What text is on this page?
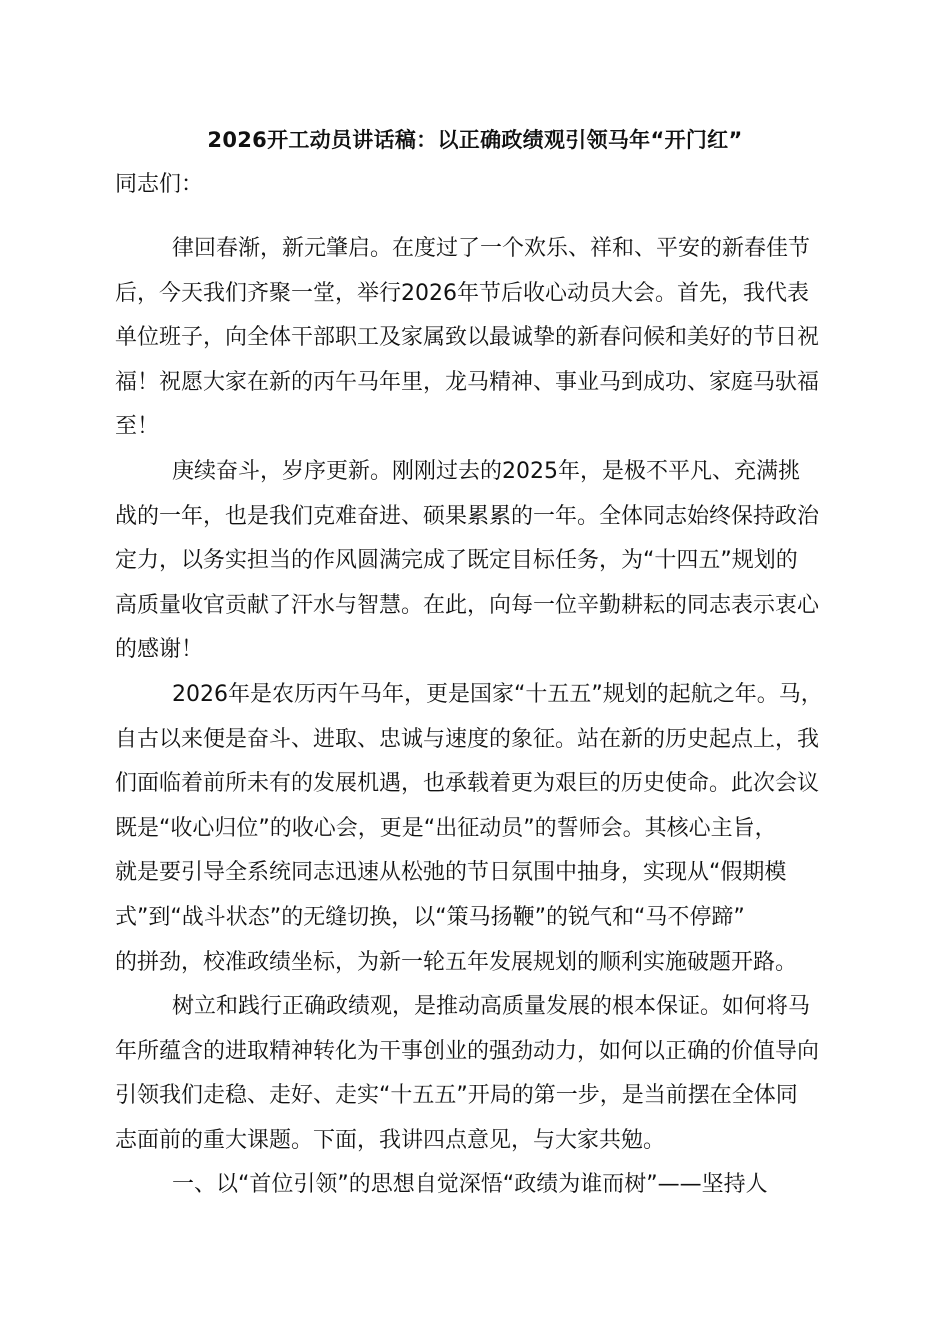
2026开工动员讲话稿：以正确政绩观引领马年“开门红”
同志们：
律回春渐，新元肇启。在度过了一个欢乐、祥和、平安的新春佳节
后，今天我们齐聚一堂，举行2026年节后收心动员大会。首先，我代表
单位班子，向全体干部职工及家属致以最诚挚的新春问候和美好的节日祝
福！祝愿大家在新的丙午马年里，龙马精神、事业马到成功、家庭马驮福
至！
庚续奋斗，岁序更新。刚刚过去的2025年，是极不平凡、充满挑
战的一年，也是我们克难奋进、硕果累累的一年。全体同志始终保持政治
定力，以务实担当的作风圆满完成了既定目标任务，为“十四五”规划的
高质量收官贡献了汗水与智慧。在此，向每一位辛勤耕耘的同志表示衷心
的感谢！
2026年是农历丙午马年，更是国家“十五五”规划的起航之年。马，
自古以来便是奋斗、进取、忠诚与速度的象征。站在新的历史起点上，我
们面临着前所未有的发展机遇，也承载着更为艰巨的历史使命。此次会议
既是“收心归位”的收心会，更是“出征动员”的誓师会。其核心主旨，
就是要引导全系统同志迅速从松弛的节日氛围中抽身，实现从“假期模
式”到“战斗状态”的无缝切换，以“策马扬鞭”的锐气和“马不停蹄”
的拼劲，校准政绩坐标，为新一轮五年发展规划的顺利实施破题开路。
树立和践行正确政绩观，是推动高质量发展的根本保证。如何将马
年所蕴含的进取精神转化为干事创业的强劲动力，如何以正确的价值导向
引领我们走稳、走好、走实“十五五”开局的第一步，是当前摆在全体同
志面前的重大课题。下面，我讲四点意见，与大家共勉。
一、以“首位引领”的思想自觉深悟“政绩为谁而树”——坚持人
